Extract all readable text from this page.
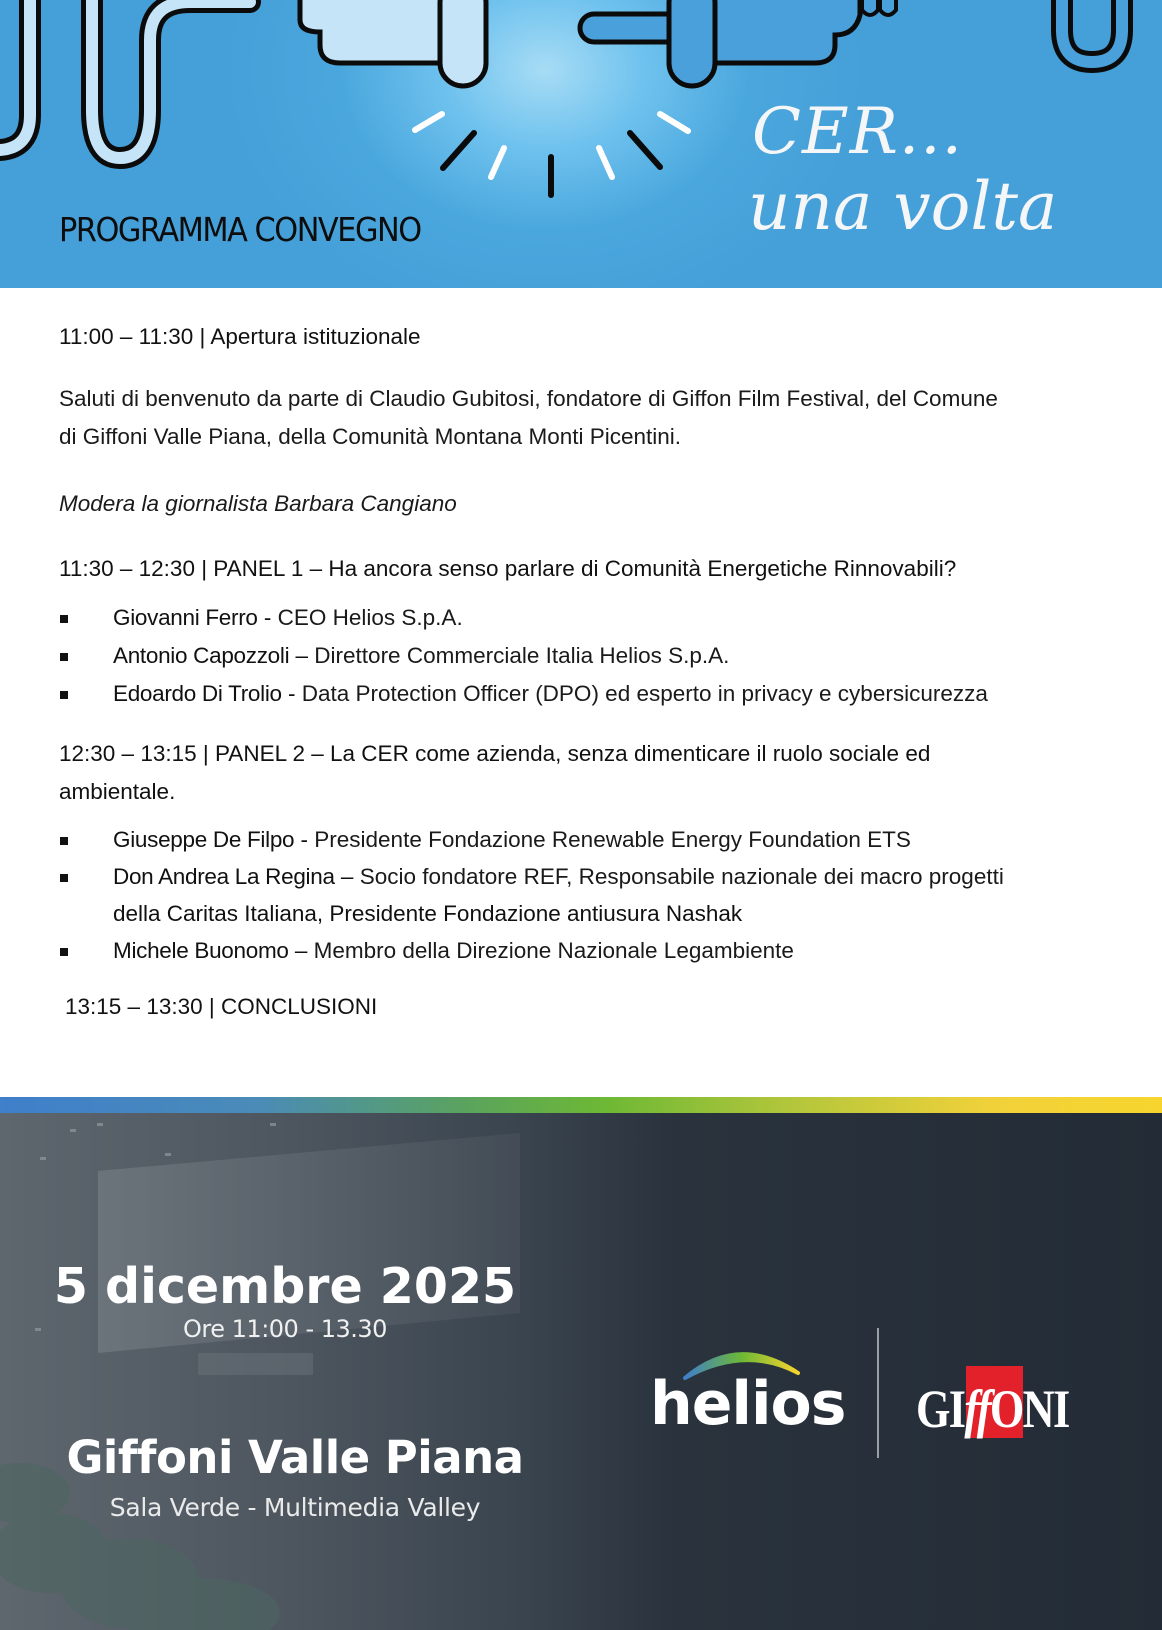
PROGRAMMA CONVEGNO
CER...
una volta
11:00 – 11:30 | Apertura istituzionale
Saluti di benvenuto da parte di Claudio Gubitosi, fondatore di Giffon Film Festival, del Comune
di Giffoni Valle Piana, della Comunità Montana Monti Picentini.
Modera la giornalista Barbara Cangiano
11:30 – 12:30 | PANEL 1 – Ha ancora senso parlare di Comunità Energetiche Rinnovabili?
Giovanni Ferro - CEO Helios S.p.A.
Antonio Capozzoli – Direttore Commerciale Italia Helios S.p.A.
Edoardo Di Trolio - Data Protection Officer (DPO) ed esperto in privacy e cybersicurezza
12:30 – 13:15 | PANEL 2 – La CER come azienda, senza dimenticare il ruolo sociale ed
ambientale.
Giuseppe De Filpo - Presidente Fondazione Renewable Energy Foundation ETS
Don Andrea La Regina – Socio fondatore REF, Responsabile nazionale dei macro progetti
della Caritas Italiana, Presidente Fondazione antiusura Nashak
Michele Buonomo – Membro della Direzione Nazionale Legambiente
13:15 – 13:30 | CONCLUSIONI
5 dicembre 2025
Ore 11:00 - 13.30
Giffoni Valle Piana
Sala Verde - Multimedia Valley
helios GIffONI
